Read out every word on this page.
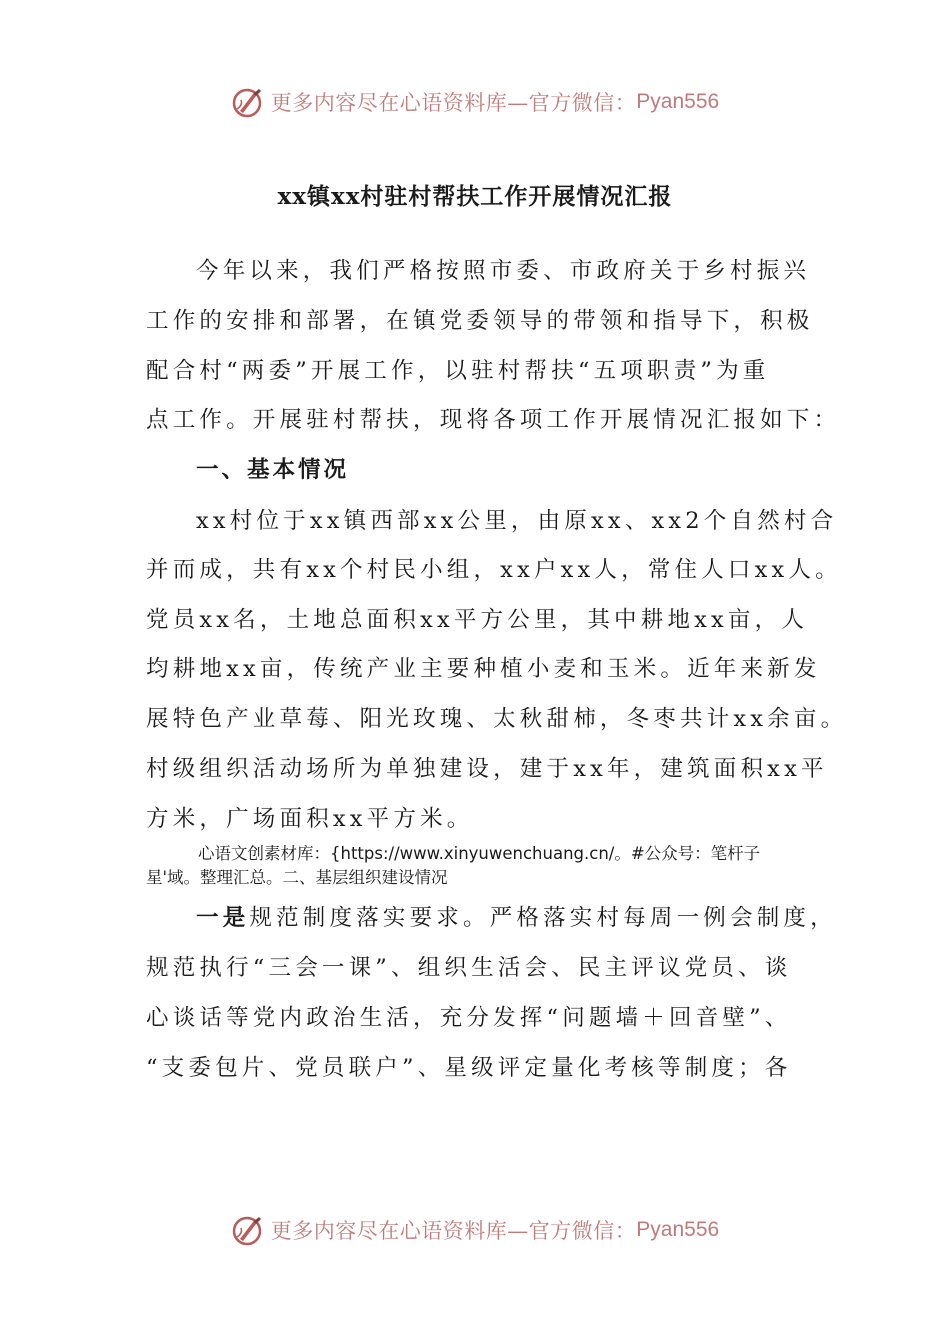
更多内容尽在心语资料库—官方微信： Pyan556
xx镇xx村驻村帮扶工作开展情况汇报
今年以来，我们严格按照市委、市政府关于乡村振兴
工作的安排和部署，在镇党委领导的带领和指导下，积极
配合村“两委”开展工作，以驻村帮扶“五项职责”为重
点工作。开展驻村帮扶，现将各项工作开展情况汇报如下：
一、基本情况
xx村位于xx镇西部xx公里，由原xx、xx2个自然村合
并而成，共有xx个村民小组，xx户xx人，常住人口xx人。
党员xx名，土地总面积xx平方公里，其中耕地xx亩，人
均耕地xx亩，传统产业主要种植小麦和玉米。近年来新发
展特色产业草莓、阳光玫瑰、太秋甜柿，冬枣共计xx余亩。
村级组织活动场所为单独建设，建于xx年，建筑面积xx平
方米，广场面积xx平方米。
心语文创素材库：{https://www.xinyuwenchuang.cn/。#公众号：笔杆子
星'域。整理汇总。二、基层组织建设情况
一是规范制度落实要求。严格落实村每周一例会制度，
规范执行“三会一课”、组织生活会、民主评议党员、谈
心谈话等党内政治生活，充分发挥“问题墙＋回音壁”、
“支委包片、党员联户”、星级评定量化考核等制度；各
更多内容尽在心语资料库—官方微信： Pyan556
